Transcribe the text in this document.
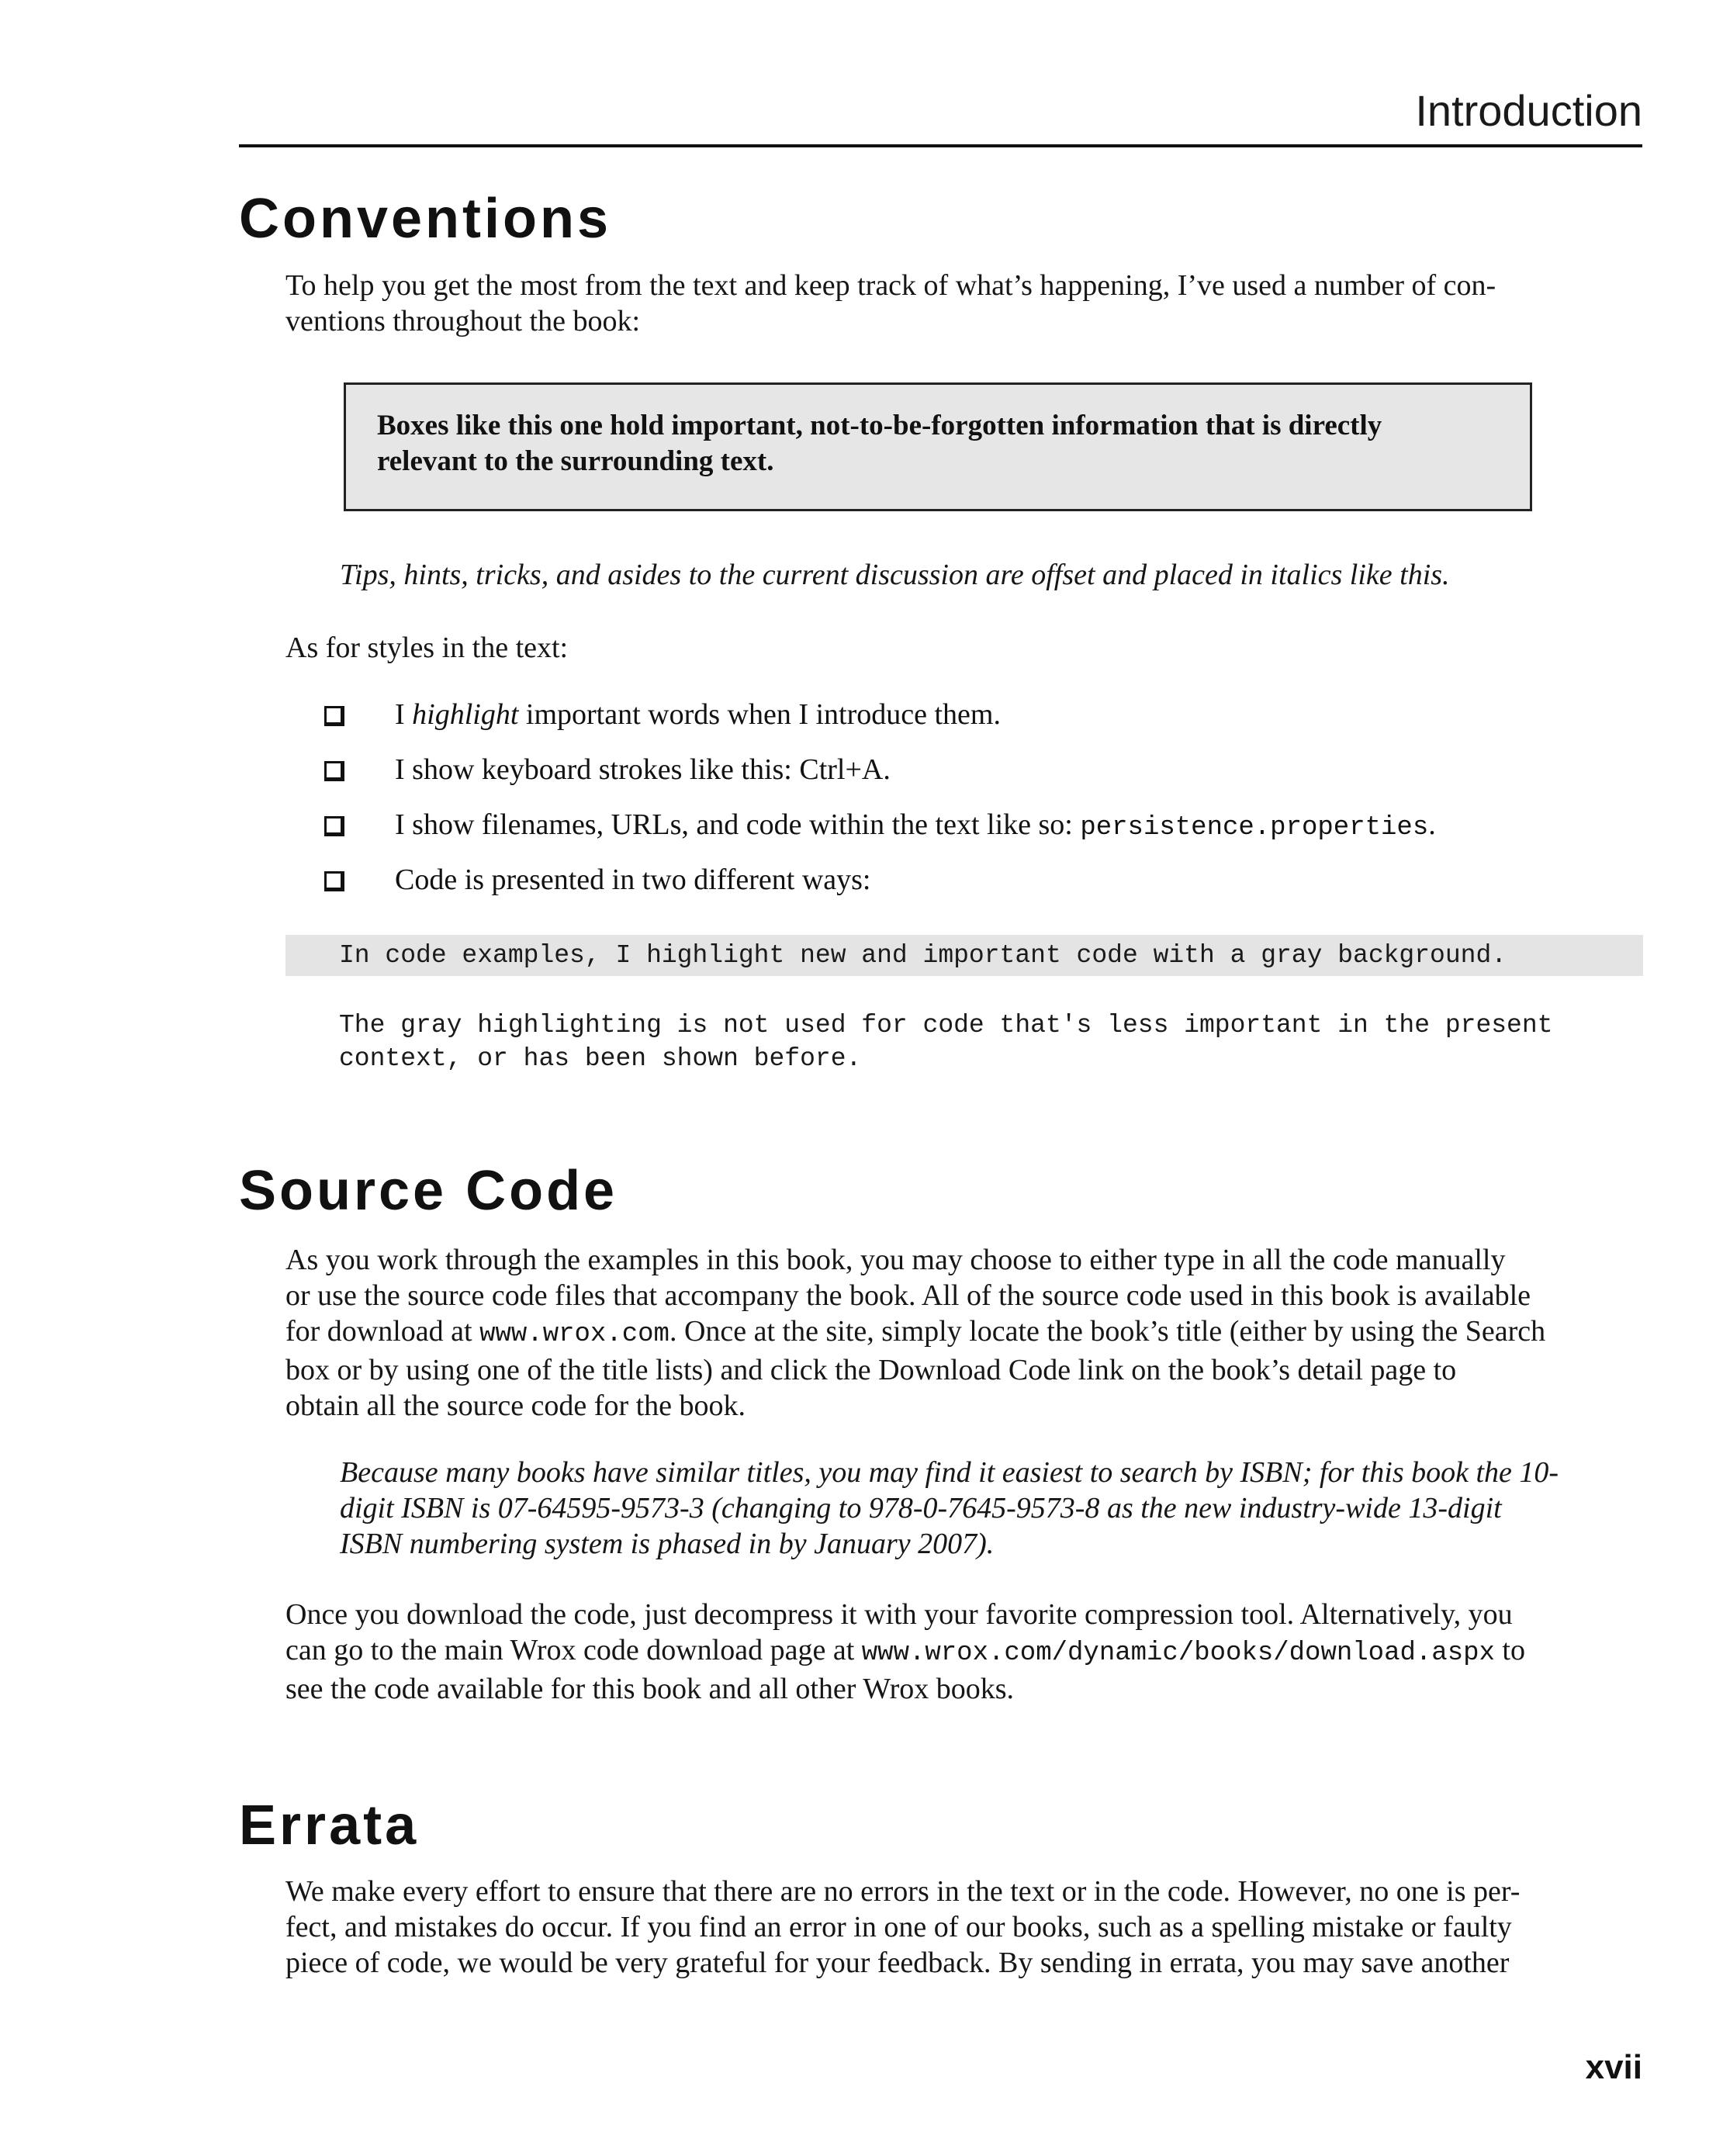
Introduction
Conventions

To help you get the most from the text and keep track of what’s happening, I’ve used a number of con-
ventions throughout the book:

Boxes like this one hold important, not-to-be-forgotten information that is directly
relevant to the surrounding text.

Tips, hints, tricks, and asides to the current discussion are offset and placed in italics like this.

As for styles in the text:

I highlight important words when I introduce them.
I show keyboard strokes like this: Ctrl+A.
I show filenames, URLs, and code within the text like so: persistence.properties.
Code is presented in two different ways:
In code examples, I highlight new and important code with a gray background.
The gray highlighting is not used for code that's less important in the present
context, or has been shown before.
Source Code

As you work through the examples in this book, you may choose to either type in all the code manually
or use the source code files that accompany the book. All of the source code used in this book is available
for download at www.wrox.com. Once at the site, simply locate the book’s title (either by using the Search
box or by using one of the title lists) and click the Download Code link on the book’s detail page to
obtain all the source code for the book.

Because many books have similar titles, you may find it easiest to search by ISBN; for this book the 10-
digit ISBN is 07-64595-9573-3 (changing to 978-0-7645-9573-8 as the new industry-wide 13-digit
ISBN numbering system is phased in by January 2007).

Once you download the code, just decompress it with your favorite compression tool. Alternatively, you
can go to the main Wrox code download page at www.wrox.com/dynamic/books/download.aspx to
see the code available for this book and all other Wrox books.

Errata

We make every effort to ensure that there are no errors in the text or in the code. However, no one is per-
fect, and mistakes do occur. If you find an error in one of our books, such as a spelling mistake or faulty
piece of code, we would be very grateful for your feedback. By sending in errata, you may save another

xvii
